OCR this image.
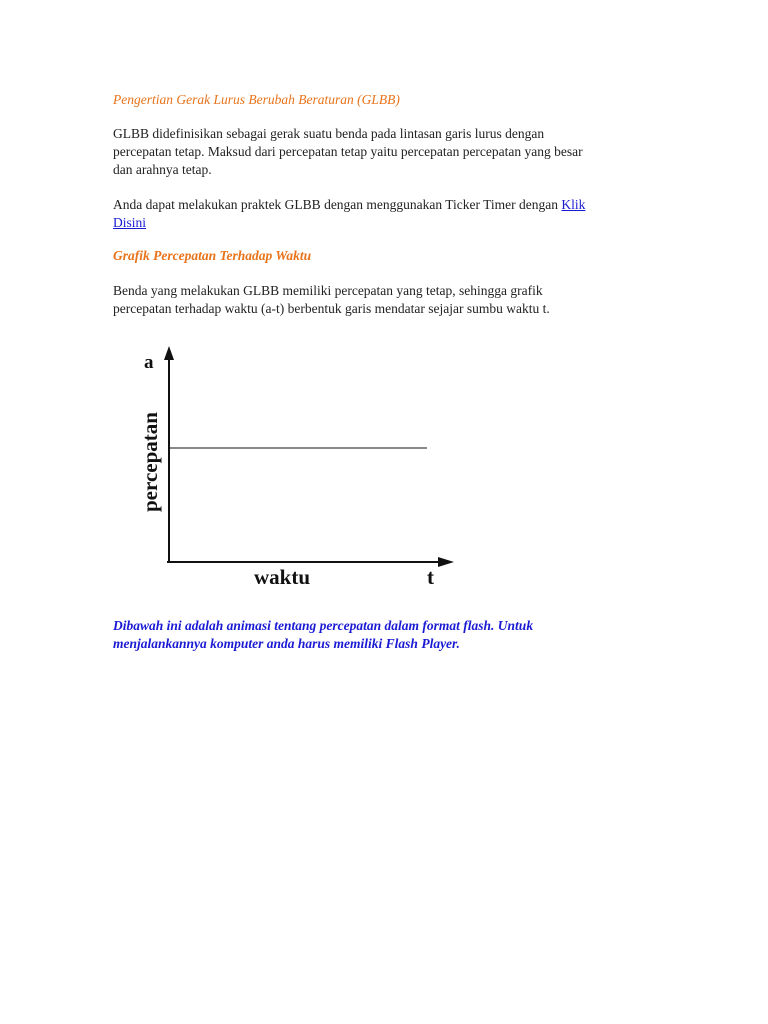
Pengertian Gerak Lurus Berubah Beraturan (GLBB)
GLBB didefinisikan sebagai gerak suatu benda pada lintasan garis lurus dengan
percepatan tetap. Maksud dari percepatan tetap yaitu percepatan percepatan yang besar
dan arahnya tetap.
Anda dapat melakukan praktek GLBB dengan menggunakan Ticker Timer dengan Klik
Disini
Grafik Percepatan Terhadap Waktu
Benda yang melakukan GLBB memiliki percepatan yang tetap, sehingga grafik
percepatan terhadap waktu (a-t) berbentuk garis mendatar sejajar sumbu waktu t.
Dibawah ini adalah animasi tentang percepatan dalam format flash. Untuk
menjalankannya komputer anda harus memiliki Flash Player.
a
percepatan
waktu	t
